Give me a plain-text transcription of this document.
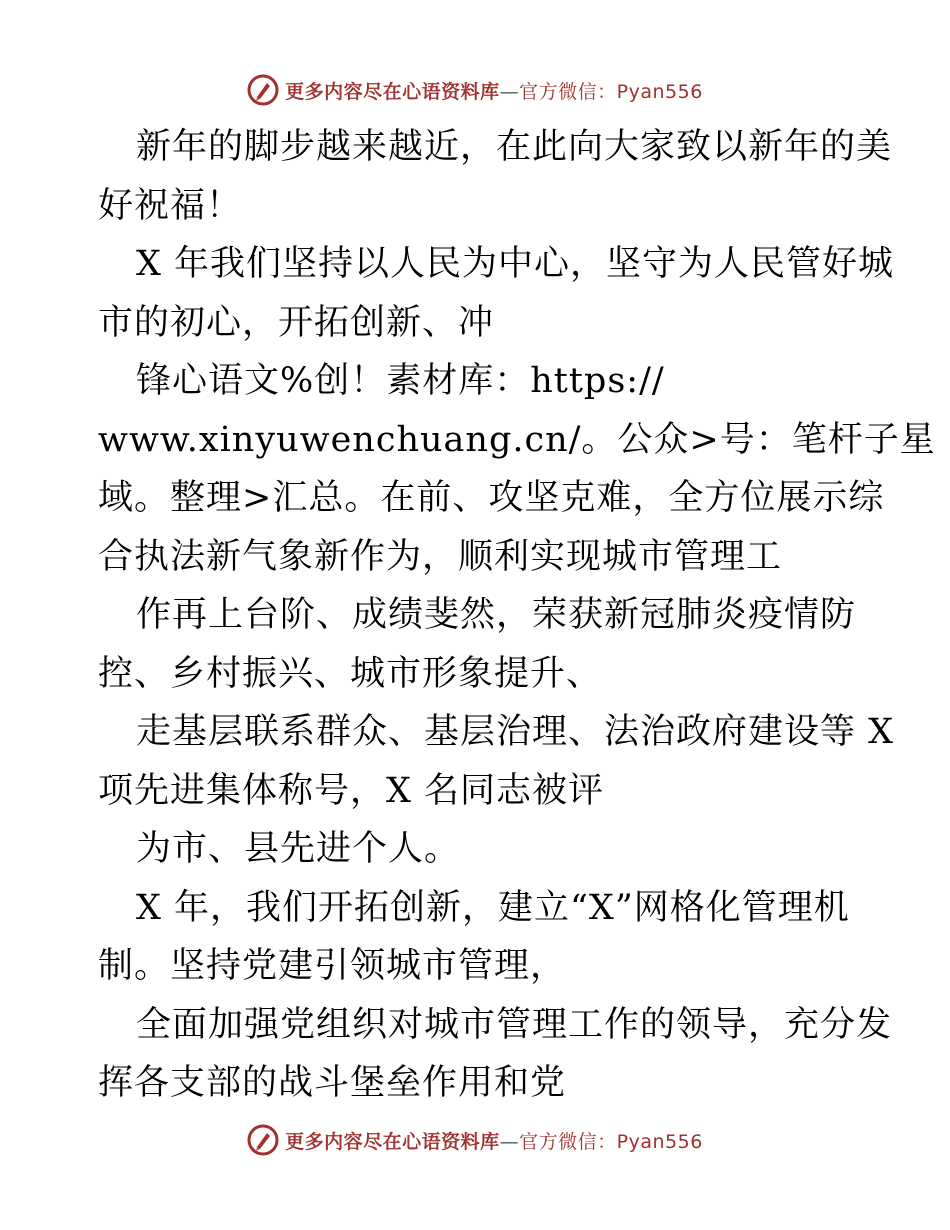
更多内容尽在心语资料库—官方微信：Pyan556
新年的脚步越来越近，在此向大家致以新年的美
好祝福！
X 年我们坚持以人民为中心，坚守为人民管好城
市的初心，开拓创新、冲
锋心语文%创！素材库：https://
www.xinyuwenchuang.cn/。公众>号：笔杆子星
域。整理>汇总。在前、攻坚克难，全方位展示综
合执法新气象新作为，顺利实现城市管理工
作再上台阶、成绩斐然，荣获新冠肺炎疫情防
控、乡村振兴、城市形象提升、
走基层联系群众、基层治理、法治政府建设等 X
项先进集体称号，X 名同志被评
为市、县先进个人。
X 年，我们开拓创新，建立“X”网格化管理机
制。坚持党建引领城市管理，
全面加强党组织对城市管理工作的领导，充分发
挥各支部的战斗堡垒作用和党
更多内容尽在心语资料库—官方微信：Pyan556
